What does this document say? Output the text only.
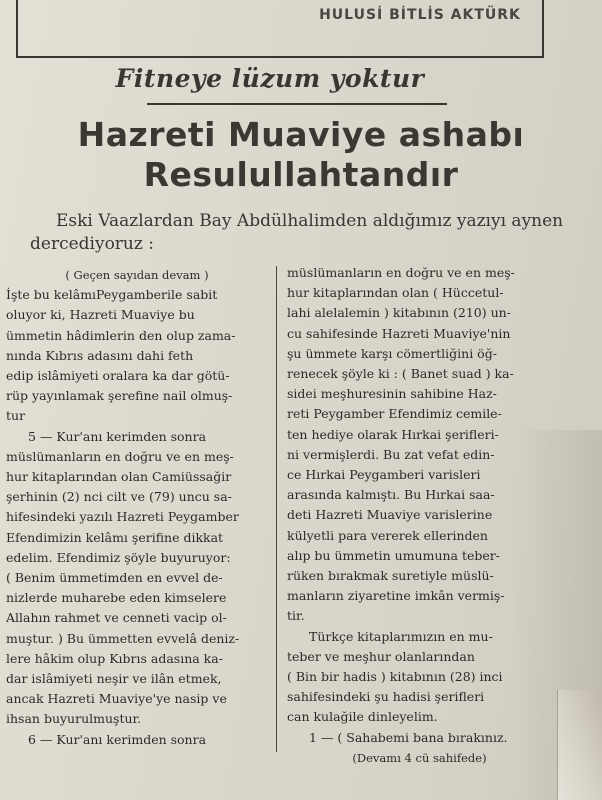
HULUSİ BİTLİS AKTÜRK
Fitneye lüzum yoktur
Hazreti Muaviye ashabı
Resulullahtandır
Eski Vaazlardan Bay Abdülhalimden aldığımız yazıyı aynen dercediyoruz :
( Geçen sayıdan devam )
İşte bu kelâmıPeygamberile sabit
oluyor ki, Hazreti Muaviye bu
ümmetin hâdimlerin den olup zama-
nında Kıbrıs adasını dahi feth
edip islâmiyeti oralara ka dar götü-
rüp yayınlamak şerefine nail olmuş-
tur
5 — Kur'anı kerimden sonra
müslümanların en doğru ve en meş-
hur kitaplarından olan Camiüssağir
şerhinin (2) nci cilt ve (79) uncu sa-
hifesindeki yazılı Hazreti Peygamber
Efendimizin kelâmı şerifine dikkat
edelim. Efendimiz şöyle buyuruyor:
( Benim ümmetimden en evvel de-
nizlerde muharebe eden kimselere
Allahın rahmet ve cenneti vacip ol-
muştur. ) Bu ümmetten evvelâ deniz-
lere hâkim olup Kıbrıs adasına ka-
dar islâmiyeti neşir ve ilân etmek,
ancak Hazreti Muaviye'ye nasip ve
ihsan buyurulmuştur.
6 — Kur'anı kerimden sonra
müslümanların en doğru ve en meş-
hur kitaplarından olan ( Hüccetul-
lahi alelalemin ) kitabının (210) un-
cu sahifesinde Hazreti Muaviye'nin
şu ümmete karşı cömertliğini öğ-
renecek şöyle ki : ( Banet suad ) ka-
sidei meşhuresinin sahibine Haz-
reti Peygamber Efendimiz cemile-
ten hediye olarak Hırkai şerifleri-
ni vermişlerdi. Bu zat vefat edin-
ce Hırkai Peygamberi varisleri
arasında kalmıştı. Bu Hırkai saa-
deti Hazreti Muaviye varislerine
külyetli para vererek ellerinden
alıp bu ümmetin umumuna teber-
rüken bırakmak suretiyle müslü-
manların ziyaretine imkân vermiş-
tir.
Türkçe kitaplarımızın en mu-
teber ve meşhur olanlarından
( Bin bir hadis ) kitabının (28) inci
sahifesindeki şu hadisi şerifleri
can kulağile dinleyelim.
1 — ( Sahabemi bana bırakınız.
(Devamı 4 cü sahifede)
